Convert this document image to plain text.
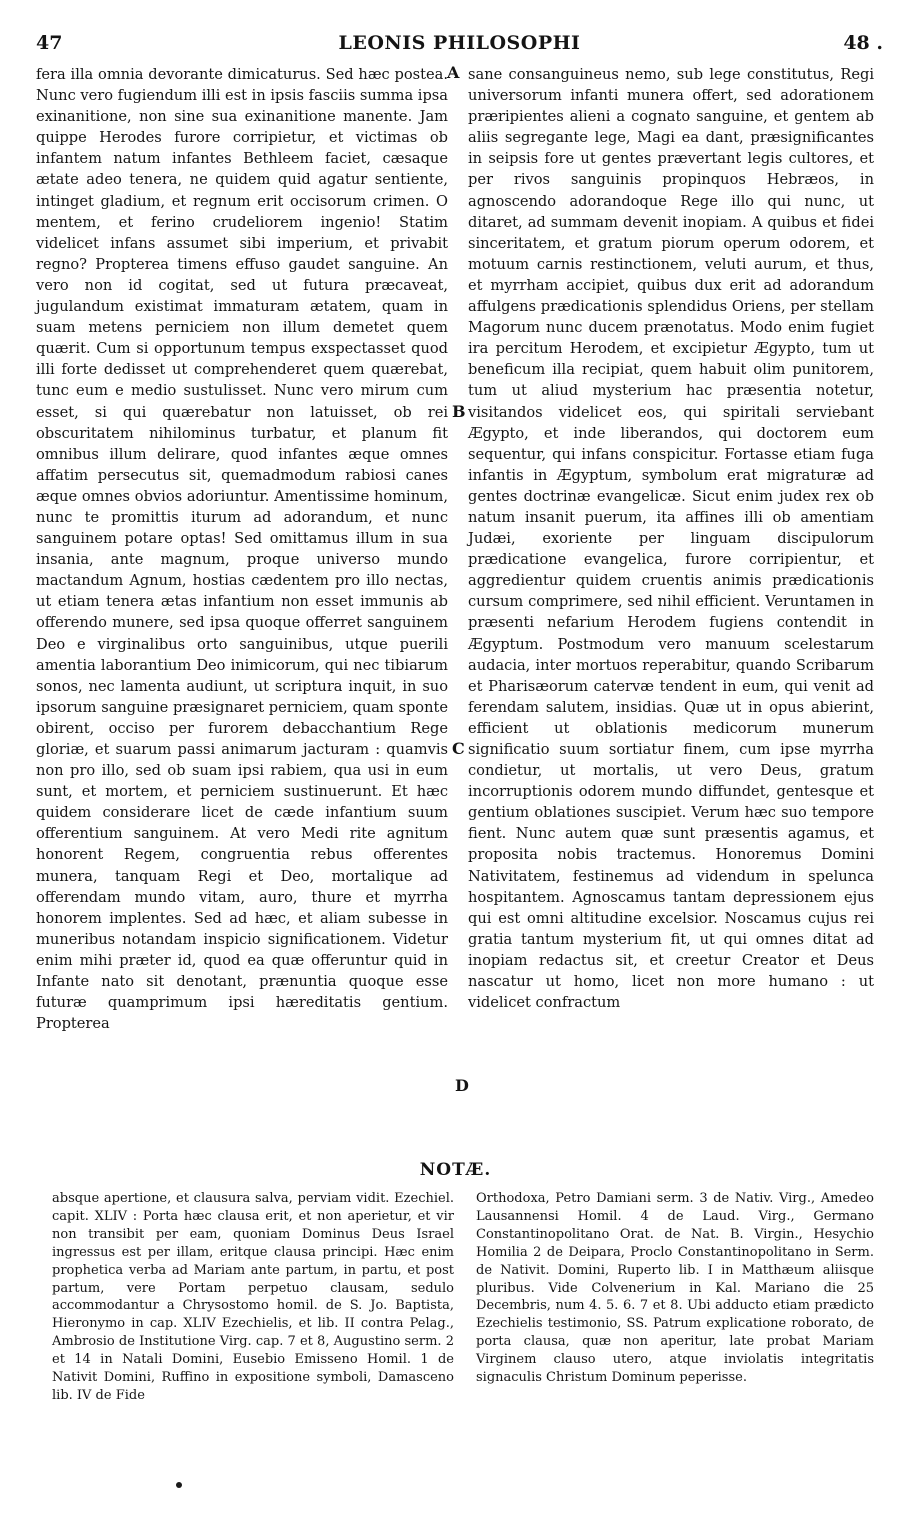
47	LEONIS PHILOSOPHI	48 .

fera illa omnia devorante dimicaturus. Sed hæc postea. Nunc vero fugiendum illi est in ipsis fasciis summa ipsa exinanitione, non sine sua exinanitione manente. Jam quippe Herodes furore corripietur, et victimas ob infantem natum infantes Bethleem faciet, cæsaque ætate adeo tenera, ne quidem quid agatur sentiente, intinget gladium, et regnum erit occisorum crimen. O mentem, et ferino crudeliorem ingenio! Statim videlicet infans assumet sibi imperium, et privabit regno? Propterea timens effuso gaudet sanguine. An vero non id cogitat, sed ut futura præcaveat, jugulandum existimat immaturam ætatem, quam in suam metens perniciem non illum demetet quem quærit. Cum si opportunum tempus exspectasset quod illi forte dedisset ut comprehenderet quem quærebat, tunc eum e medio sustulisset. Nunc vero mirum cum esset, si qui quærebatur non latuisset, ob rei obscuritatem nihilominus turbatur, et planum fit omnibus illum delirare, quod infantes æque omnes affatim persecutus sit, quemadmodum rabiosi canes æque omnes obvios adoriuntur. Amentissime hominum, nunc te promittis iturum ad adorandum, et nunc sanguinem potare optas! Sed omittamus illum in sua insania, ante magnum, proque universo mundo mactandum Agnum, hostias cædentem pro illo nectas, ut etiam tenera ætas infantium non esset immunis ab offerendo munere, sed ipsa quoque offerret sanguinem Deo e virginalibus orto sanguinibus, utque puerili amentia laborantium Deo inimicorum, qui nec tibiarum sonos, nec lamenta audiunt, ut scriptura inquit, in suo ipsorum sanguine præsignaret perniciem, quam sponte obirent, occiso per furorem debacchantium Rege gloriæ, et suarum passi animarum jacturam : quamvis non pro illo, sed ob suam ipsi rabiem, qua usi in eum sunt, et mortem, et perniciem sustinuerunt. Et hæc quidem considerare licet de cæde infantium suum offerentium sanguinem. At vero Medi rite agnitum honorent Regem, congruentia rebus offerentes munera, tanquam Regi et Deo, mortalique ad offerendam mundo vitam, auro, thure et myrrha honorem implentes. Sed ad hæc, et aliam subesse in muneribus notandam inspicio significationem. Videtur enim mihi præter id, quod ea quæ offeruntur quid in Infante nato sit denotant, prænuntia quoque esse futuræ quamprimum ipsi hæreditatis gentium. Propterea

A
B
C
D

sane consanguineus nemo, sub lege constitutus, Regi universorum infanti munera offert, sed adorationem præripientes alieni a cognato sanguine, et gentem ab aliis segregante lege, Magi ea dant, præsignificantes in seipsis fore ut gentes prævertant legis cultores, et per rivos sanguinis propinquos Hebræos, in agnoscendo adorandoque Rege illo qui nunc, ut ditaret, ad summam devenit inopiam. A quibus et fidei sinceritatem, et gratum piorum operum odorem, et motuum carnis restinctionem, veluti aurum, et thus, et myrrham accipiet, quibus dux erit ad adorandum affulgens prædicationis splendidus Oriens, per stellam Magorum nunc ducem prænotatus. Modo enim fugiet ira percitum Herodem, et excipietur Ægypto, tum ut beneficum illa recipiat, quem habuit olim punitorem, tum ut aliud mysterium hac præsentia notetur, visitandos videlicet eos, qui spiritali serviebant Ægypto, et inde liberandos, qui doctorem eum sequentur, qui infans conspicitur. Fortasse etiam fuga infantis in Ægyptum, symbolum erat migraturæ ad gentes doctrinæ evangelicæ. Sicut enim judex rex ob natum insanit puerum, ita affines illi ob amentiam Judæi, exoriente per linguam discipulorum prædicatione evangelica, furore corripientur, et aggredientur quidem cruentis animis prædicationis cursum comprimere, sed nihil efficient. Veruntamen in præsenti nefarium Herodem fugiens contendit in Ægyptum. Postmodum vero manuum scelestarum audacia, inter mortuos reperabitur, quando Scribarum et Pharisæorum catervæ tendent in eum, qui venit ad ferendam salutem, insidias. Quæ ut in opus abierint, efficient ut oblationis medicorum munerum significatio suum sortiatur finem, cum ipse myrrha condietur, ut mortalis, ut vero Deus, gratum incorruptionis odorem mundo diffundet, gentesque et gentium oblationes suscipiet. Verum hæc suo tempore fient. Nunc autem quæ sunt præsentis agamus, et proposita nobis tractemus. Honoremus Domini Nativitatem, festinemus ad videndum in spelunca hospitantem. Agnoscamus tantam depressionem ejus qui est omni altitudine excelsior. Noscamus cujus rei gratia tantum mysterium fit, ut qui omnes ditat ad inopiam redactus sit, et creetur Creator et Deus nascatur ut homo, licet non more humano : ut videlicet confractum

NOTÆ.

absque apertione, et clausura salva, perviam vidit. Ezechiel. capit. XLIV : Porta hæc clausa erit, et non aperietur, et vir non transibit per eam, quoniam Dominus Deus Israel ingressus est per illam, eritque clausa principi. Hæc enim prophetica verba ad Mariam ante partum, in partu, et post partum, vere Portam perpetuo clausam, sedulo accommodantur a Chrysostomo homil. de S. Jo. Baptista, Hieronymo in cap. XLIV Ezechielis, et lib. II contra Pelag., Ambrosio de Institutione Virg. cap. 7 et 8, Augustino serm. 2 et 14 in Natali Domini, Eusebio Emisseno Homil. 1 de Nativit Domini, Ruffino in expositione symboli, Damasceno lib. IV de Fide

Orthodoxa, Petro Damiani serm. 3 de Nativ. Virg., Amedeo Lausannensi Homil. 4 de Laud. Virg., Germano Constantinopolitano Orat. de Nat. B. Virgin., Hesychio Homilia 2 de Deipara, Proclo Constantinopolitano in Serm. de Nativit. Domini, Ruperto lib. I in Matthæum aliisque pluribus. Vide Colvenerium in Kal. Mariano die 25 Decembris, num 4. 5. 6. 7 et 8. Ubi adducto etiam prædicto Ezechielis testimonio, SS. Patrum explicatione roborato, de porta clausa, quæ non aperitur, late probat Mariam Virginem clauso utero, atque inviolatis integritatis signaculis Christum Dominum peperisse.
